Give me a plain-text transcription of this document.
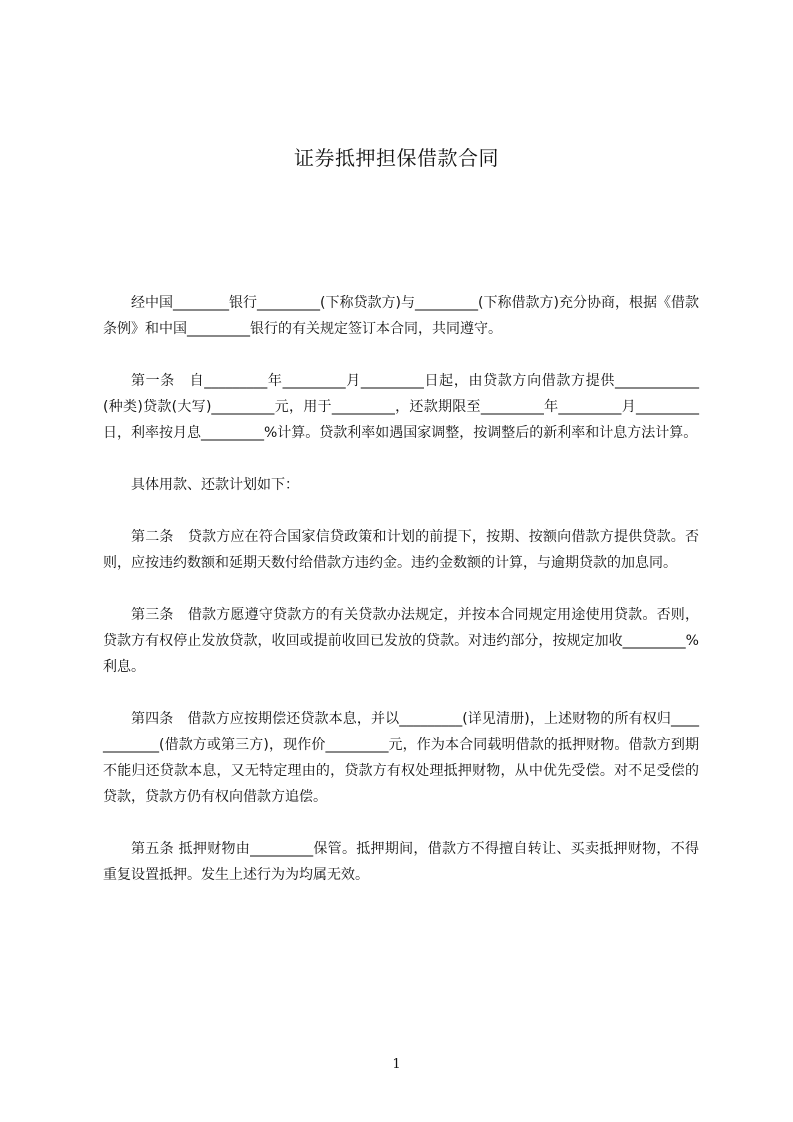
证券抵押担保借款合同

经中国________银行_________(下称贷款方)与_________(下称借款方)充分协商，根据《借款条例》和中国_________银行的有关规定签订本合同，共同遵守。

第一条　自_________年_________月_________日起，由贷款方向借款方提供____________(种类)贷款(大写)_________元，用于_________，还款期限至_________年_________月_________日，利率按月息_________%计算。贷款利率如遇国家调整，按调整后的新利率和计息方法计算。

具体用款、还款计划如下：

第二条　贷款方应在符合国家信贷政策和计划的前提下，按期、按额向借款方提供贷款。否则，应按违约数额和延期天数付给借款方违约金。违约金数额的计算，与逾期贷款的加息同。

第三条　借款方愿遵守贷款方的有关贷款办法规定，并按本合同规定用途使用贷款。否则，贷款方有权停止发放贷款，收回或提前收回已发放的贷款。对违约部分，按规定加收_________%利息。

第四条　借款方应按期偿还贷款本息，并以_________(详见清册)，上述财物的所有权归____________(借款方或第三方)，现作价_________元，作为本合同载明借款的抵押财物。借款方到期不能归还贷款本息，又无特定理由的，贷款方有权处理抵押财物，从中优先受偿。对不足受偿的贷款，贷款方仍有权向借款方追偿。

第五条 抵押财物由_________保管。抵押期间，借款方不得擅自转让、买卖抵押财物，不得重复设置抵押。发生上述行为为均属无效。

1
